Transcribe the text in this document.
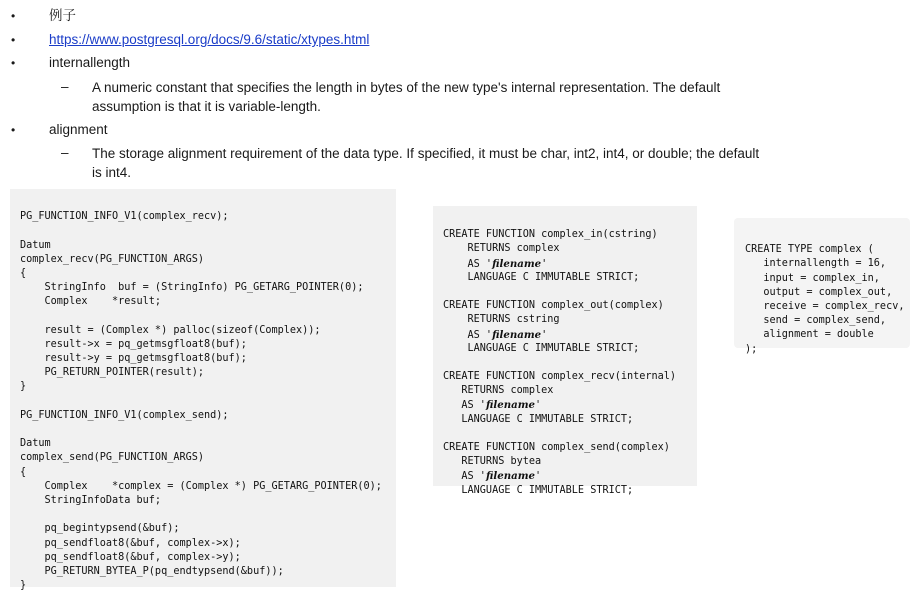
•	例子
•	https://www.postgresql.org/docs/9.6/static/xtypes.html
•	internallength
– A numeric constant that specifies the length in bytes of the new type's internal representation. The default
assumption is that it is variable-length.
•	alignment
– The storage alignment requirement of the data type. If specified, it must be char, int2, int4, or double; the default
is int4.

PG_FUNCTION_INFO_V1(complex_recv);
Datum
complex_recv(PG_FUNCTION_ARGS)
{
StringInfo  buf = (StringInfo) PG_GETARG_POINTER(0);
Complex    *result;
result = (Complex *) palloc(sizeof(Complex));
result->x = pq_getmsgfloat8(buf);
result->y = pq_getmsgfloat8(buf);
PG_RETURN_POINTER(result);
}
PG_FUNCTION_INFO_V1(complex_send);
Datum
complex_send(PG_FUNCTION_ARGS)
{
Complex    *complex = (Complex *) PG_GETARG_POINTER(0);
StringInfoData buf;
pq_begintypsend(&buf);
pq_sendfloat8(&buf, complex->x);
pq_sendfloat8(&buf, complex->y);
PG_RETURN_BYTEA_P(pq_endtypsend(&buf));
}

CREATE FUNCTION complex_in(cstring)
RETURNS complex
AS 'filename'
LANGUAGE C IMMUTABLE STRICT;
CREATE FUNCTION complex_out(complex)
RETURNS cstring
AS 'filename'
LANGUAGE C IMMUTABLE STRICT;
CREATE FUNCTION complex_recv(internal)
RETURNS complex
AS 'filename'
LANGUAGE C IMMUTABLE STRICT;
CREATE FUNCTION complex_send(complex)
RETURNS bytea
AS 'filename'
LANGUAGE C IMMUTABLE STRICT;

CREATE TYPE complex (
internallength = 16,
input = complex_in,
output = complex_out,
receive = complex_recv,
send = complex_send,
alignment = double
);
